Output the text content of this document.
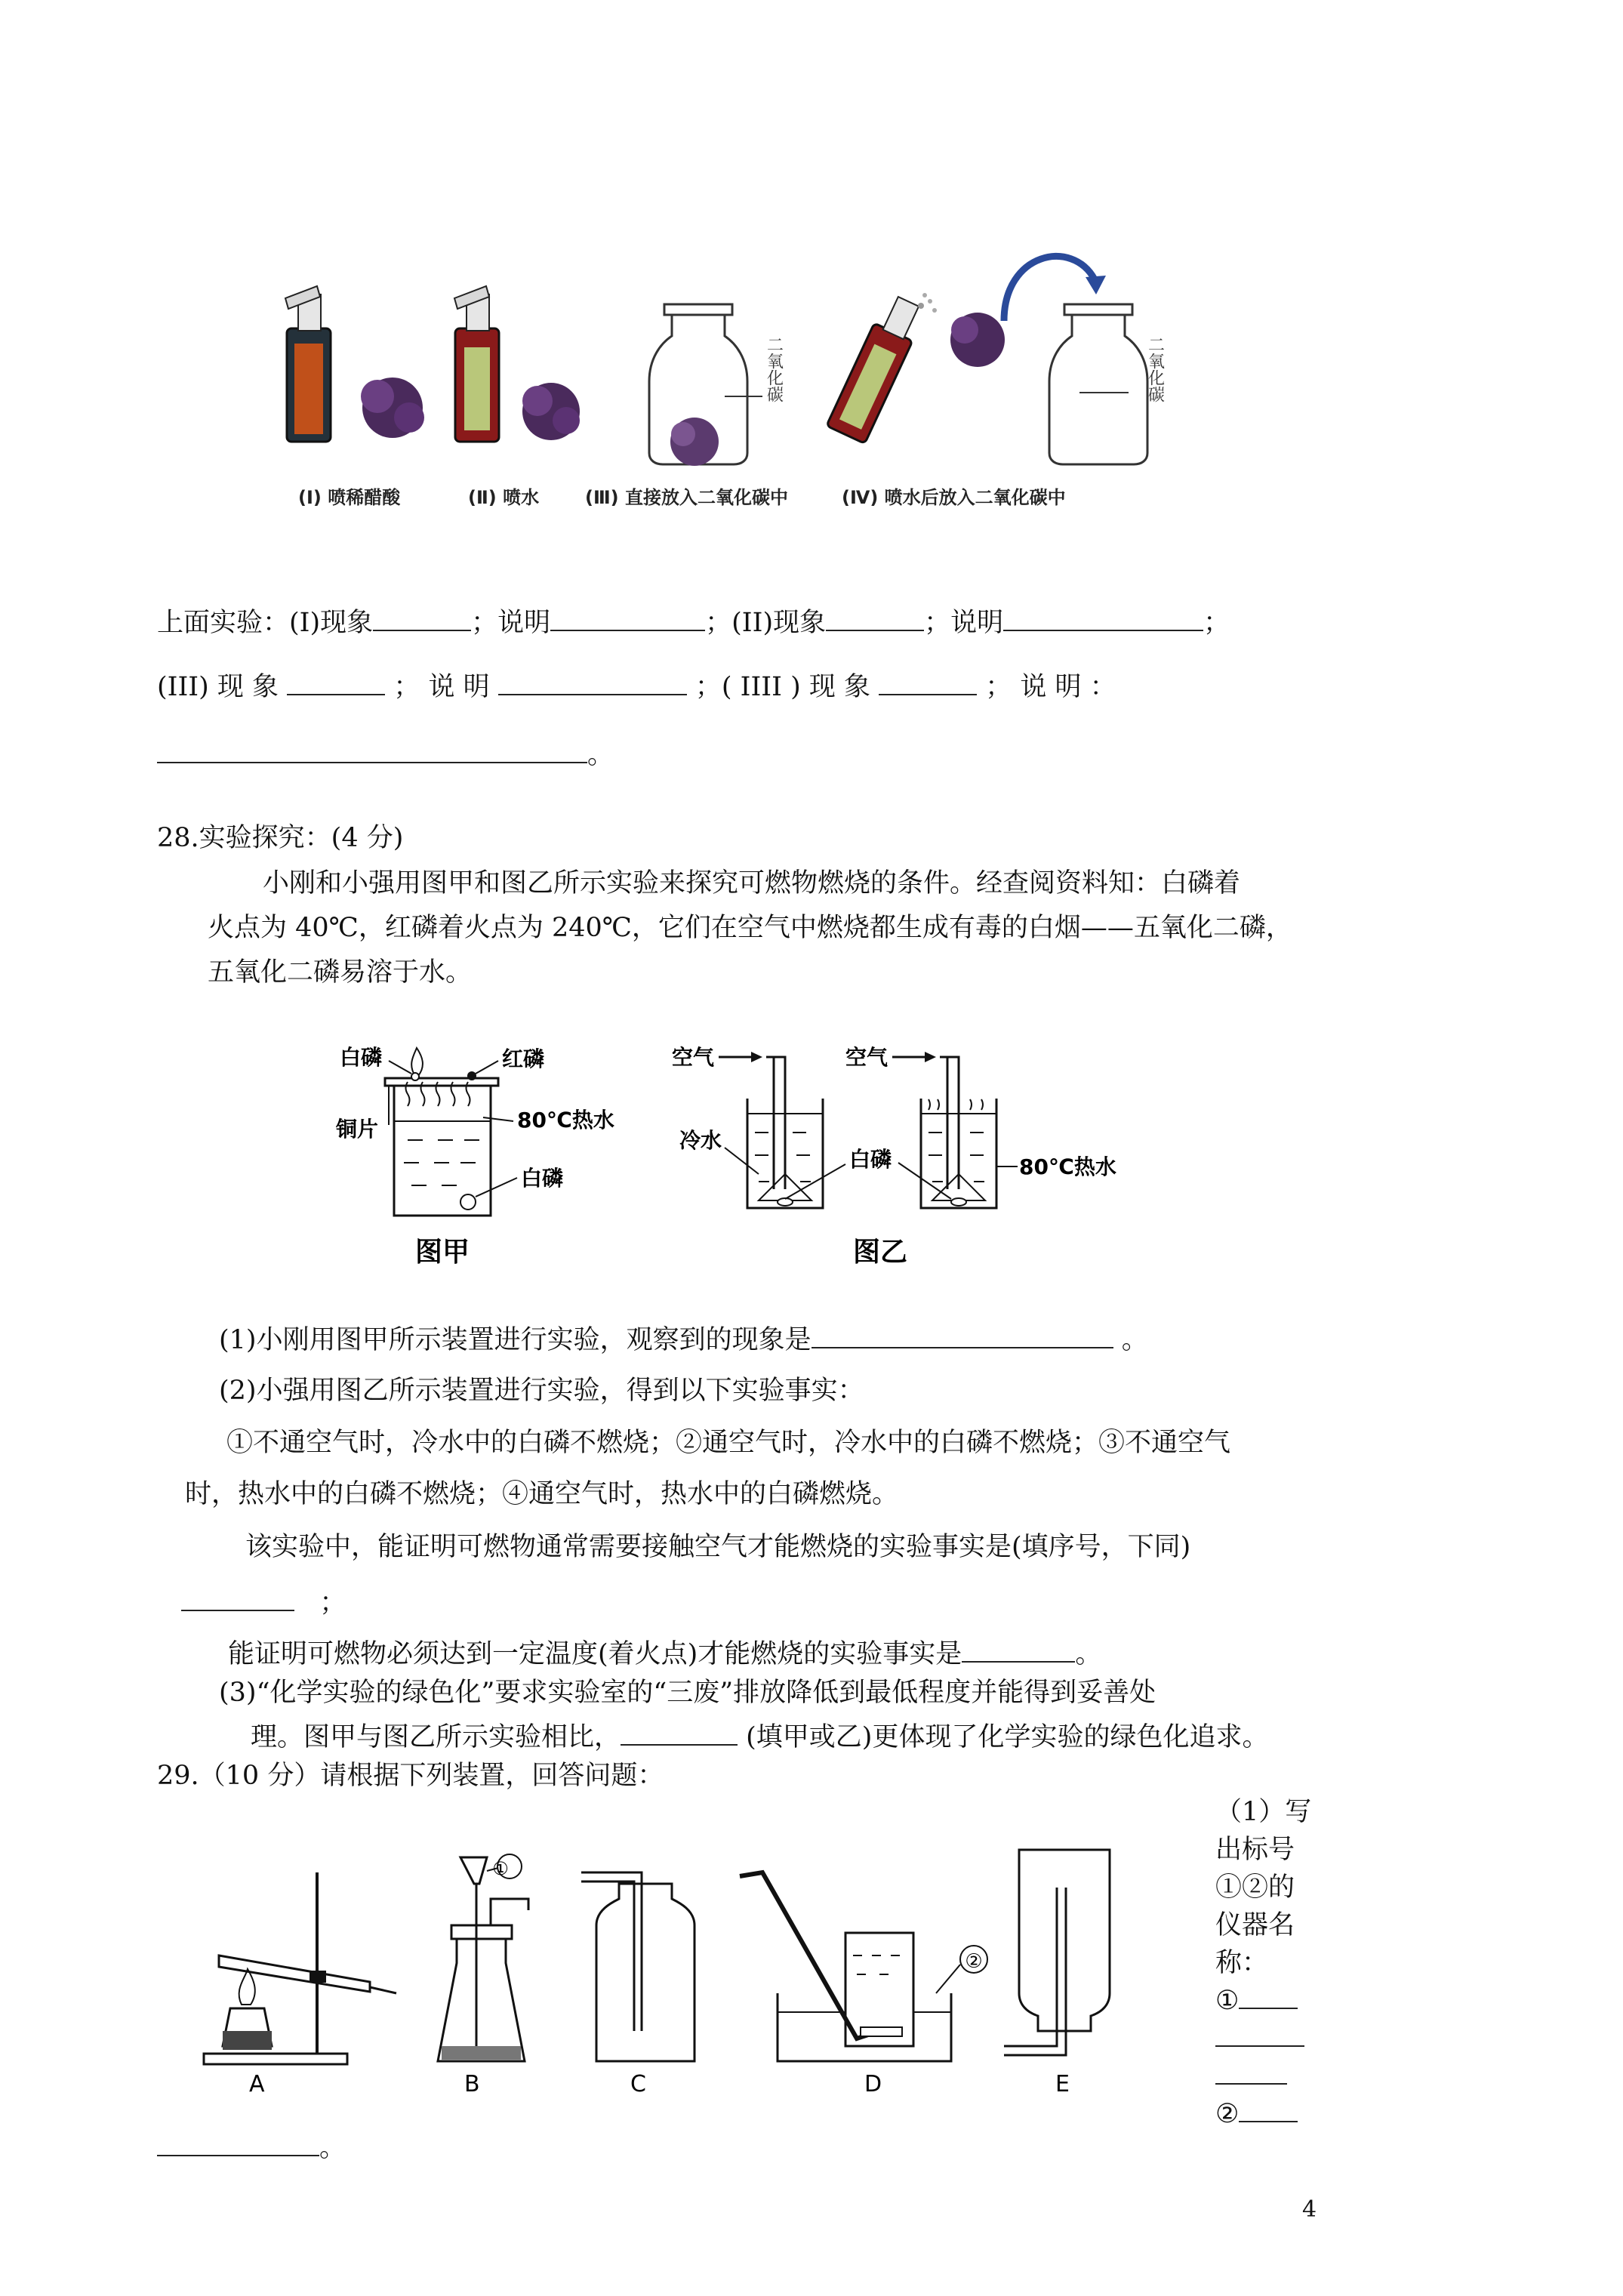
二氧化碳	二氧化碳
(Ⅰ) 喷稀醋酸	(Ⅱ) 喷水	(Ⅲ) 直接放入二氧化碳中	(Ⅳ) 喷水后放入二氧化碳中
上面实验：(I)现象	；说明	；(II)现象	；说明	；
(III) 现 象	； 说 明	；( IIII ) 现 象	； 说 明 ：
。
28.实验探究：(4 分)
小刚和小强用图甲和图乙所示实验来探究可燃物燃烧的条件。经查阅资料知：白磷着
火点为 40℃，红磷着火点为 240℃，它们在空气中燃烧都生成有毒的白烟——五氧化二磷，
五氧化二磷易溶于水。
白磷	红磷
铜片	80℃热水
白磷
图甲
空气	空气
冷水
白磷	80℃热水
图乙
(1)小刚用图甲所示装置进行实验，观察到的现象是	。
(2)小强用图乙所示装置进行实验，得到以下实验事实：
①不通空气时，冷水中的白磷不燃烧；②通空气时，冷水中的白磷不燃烧；③不通空气
时，热水中的白磷不燃烧；④通空气时，热水中的白磷燃烧。
该实验中，能证明可燃物通常需要接触空气才能燃烧的实验事实是(填序号，下同)
；
能证明可燃物必须达到一定温度(着火点)才能燃烧的实验事实是	。
(3)“化学实验的绿色化”要求实验室的“三废”排放降低到最低程度并能得到妥善处
理。图甲与图乙所示实验相比，	(填甲或乙)更体现了化学实验的绿色化追求。
29.（10 分）请根据下列装置，回答问题：
（1）写
出标号
①②的
仪器名
称：
①
②
A
①
B	C
②
D	E
。
4
